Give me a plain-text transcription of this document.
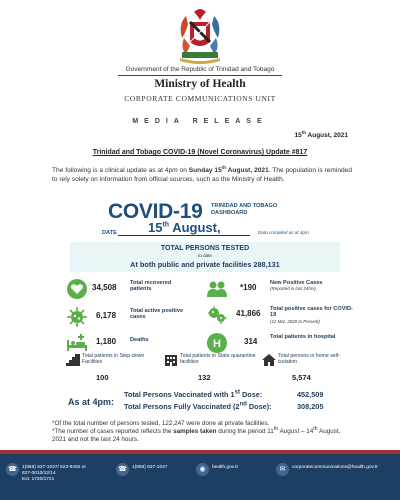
Government of the Republic of Trinidad and Tobago
Ministry of Health
CORPORATE COMMUNICATIONS UNIT
MEDIA RELEASE
15th August, 2021
Trinidad and Tobago COVID-19 (Novel Coronavirus) Update #817
The following is a clinical update as at 4pm on Sunday 15th August, 2021. The population is reminded to rely solely on information from official sources, such as the Ministry of Health.
COVID-19 TRINIDAD AND TOBAGO
DASHBOARD
DATE 15th August,	Data compiled as at 4pm
TOTAL PERSONS TESTED
to date
At both public and private facilities 288,131
34,508 Total recovered patients	*190 New Positive Cases
(Reported in last 24hrs)
6,178 Total active positive cases	41,866 Total positive cases for COVID-19
(12 Mar, 2020 to Present)
1,180 Deaths	H	314 Total patients in hospital
Total patients in Step-down Facilities
100
Total patients in State quarantine facilities
132
Total persons in home self-isolation
5,574
As at 4pm:
Total Persons Vaccinated with 1st Dose:	452,509
Total Persons Fully Vaccinated (2nd Dose):	308,205
*Of the total number of persons tested, 122,247 were done at private facilities.
*The number of cases reported reflects the samples taken during the period 11th August – 14th August, 2021 and not the last 24 hours.
☎	1(868) 627-1047/ 623-8492 or
627-0010/12/14
Ext. 1720/1721
☎	1(868) 627-1047	◉	health.gov.tt	✉	corporatecommunications@health.gov.tt
